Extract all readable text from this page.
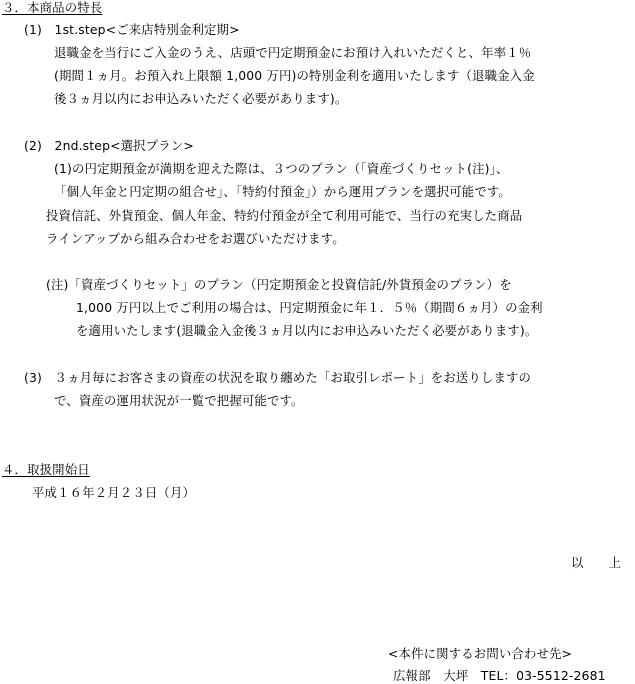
３．本商品の特長
(1)　1st.step<ご来店特別金利定期>
退職金を当行にご入金のうえ、店頭で円定期預金にお預け入れいただくと、年率１％
(期間１ヵ月。お預入れ上限額 1,000 万円)の特別金利を適用いたします（退職金入金
後３ヵ月以内にお申込みいただく必要があります)。
(2)　2nd.step<選択プラン>
(1)の円定期預金が満期を迎えた際は、３つのプラン（「資産づくりセット(注)」、
「個人年金と円定期の組合せ」、「特約付預金」）から運用プランを選択可能です。
投資信託、外貨預金、個人年金、特約付預金が全て利用可能で、当行の充実した商品
ラインアップから組み合わせをお選びいただけます。
(注)「資産づくりセット」のプラン（円定期預金と投資信託/外貨預金のプラン）を
1,000 万円以上でご利用の場合は、円定期預金に年１．５％（期間６ヵ月）の金利
を適用いたします(退職金入金後３ヵ月以内にお申込みいただく必要があります)。
(3)　３ヵ月毎にお客さまの資産の状況を取り纏めた「お取引レポート」をお送りしますの
で、資産の運用状況が一覧で把握可能です。
４．取扱開始日
平成１６年２月２３日（月）
以　　上
<本件に関するお問い合わせ先>
広報部　大坪　TEL：03-5512-2681
